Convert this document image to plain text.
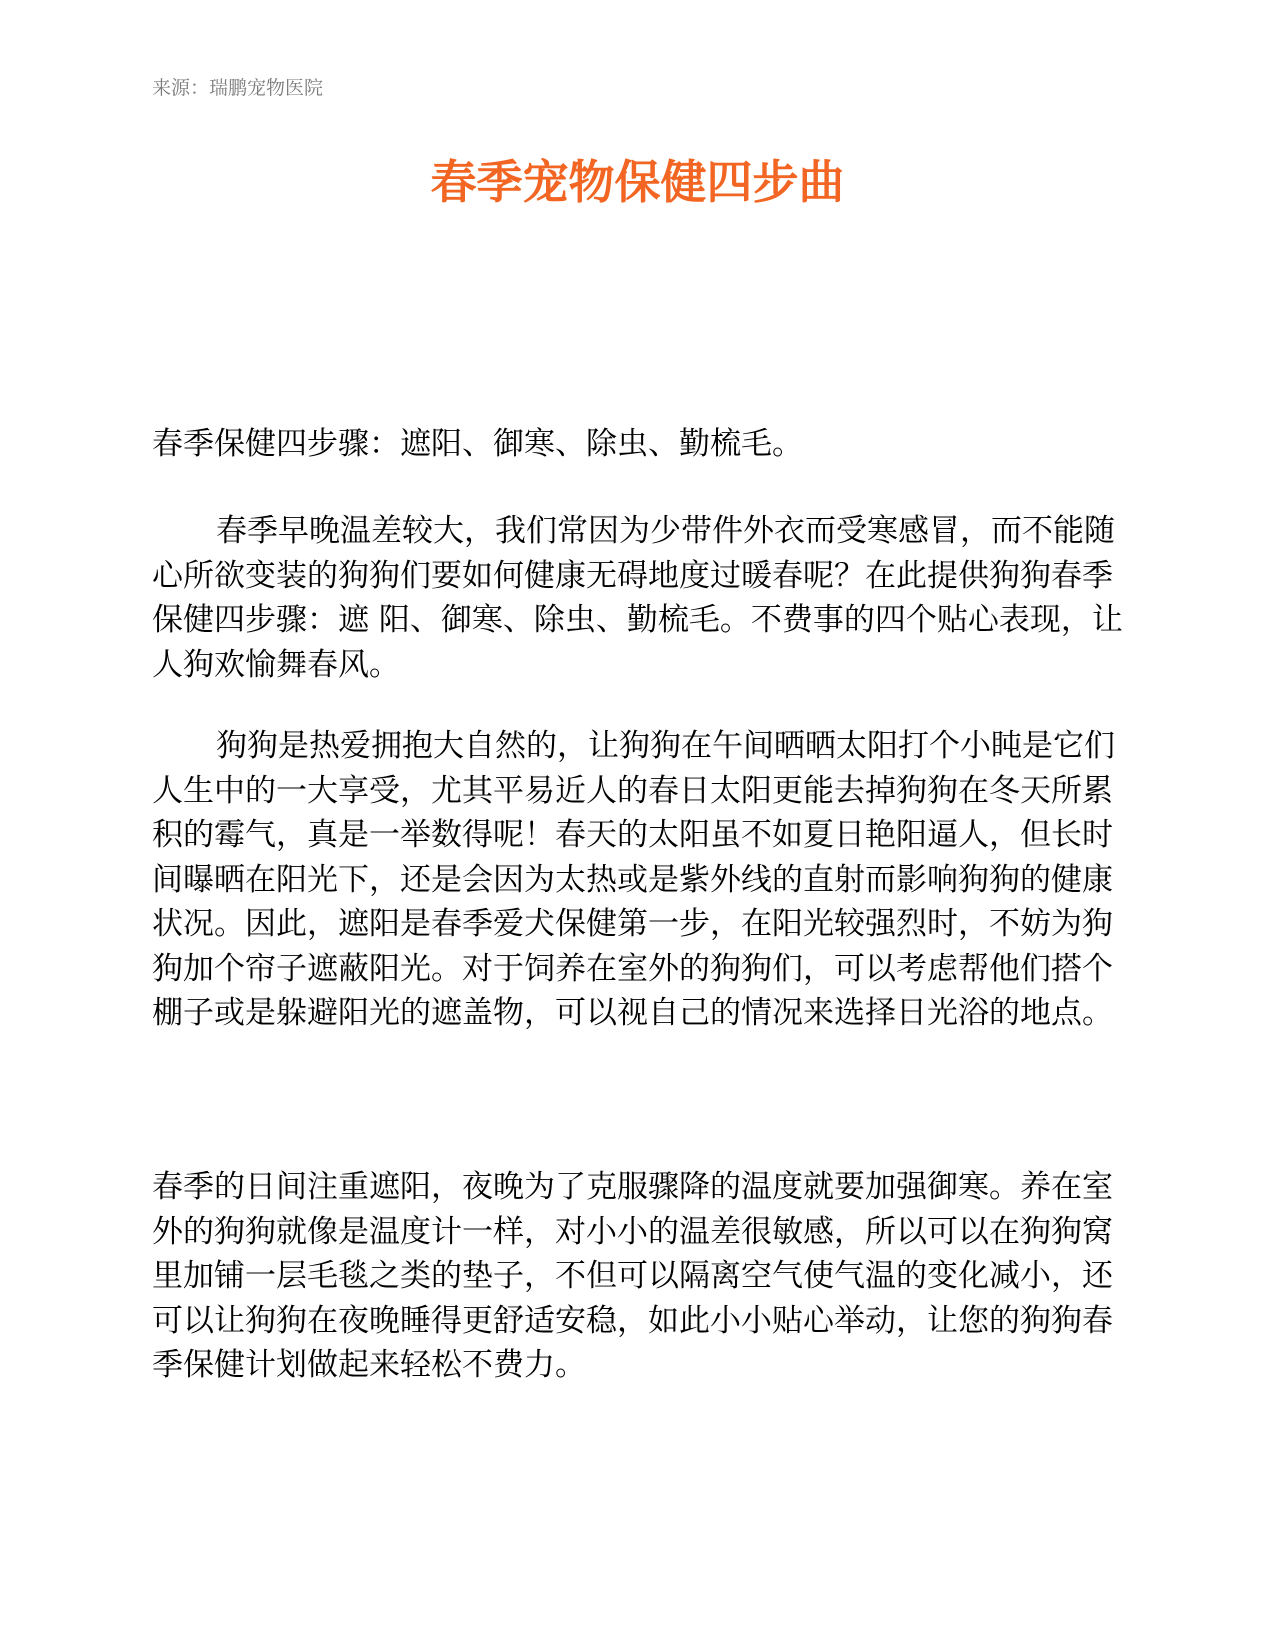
来源：瑞鹏宠物医院
春季宠物保健四步曲

春季保健四步骤：遮阳、御寒、除虫、勤梳毛。

春季早晚温差较大，我们常因为少带件外衣而受寒感冒，而不能随心所欲变装的狗狗们要如何健康无碍地度过暖春呢？在此提供狗狗春季保健四步骤：遮 阳、御寒、除虫、勤梳毛。不费事的四个贴心表现，让人狗欢愉舞春风。

狗狗是热爱拥抱大自然的，让狗狗在午间晒晒太阳打个小盹是它们人生中的一大享受，尤其平易近人的春日太阳更能去掉狗狗在冬天所累积的霉气，真是一举数得呢！春天的太阳虽不如夏日艳阳逼人，但长时间曝晒在阳光下，还是会因为太热或是紫外线的直射而影响狗狗的健康状况。因此，遮阳是春季爱犬保健第一步，在阳光较强烈时，不妨为狗狗加个帘子遮蔽阳光。对于饲养在室外的狗狗们，可以考虑帮他们搭个棚子或是躲避阳光的遮盖物，可以视自己的情况来选择日光浴的地点。

春季的日间注重遮阳，夜晚为了克服骤降的温度就要加强御寒。养在室外的狗狗就像是温度计一样，对小小的温差很敏感，所以可以在狗狗窝里加铺一层毛毯之类的垫子，不但可以隔离空气使气温的变化减小，还可以让狗狗在夜晚睡得更舒适安稳，如此小小贴心举动，让您的狗狗春季保健计划做起来轻松不费力。
